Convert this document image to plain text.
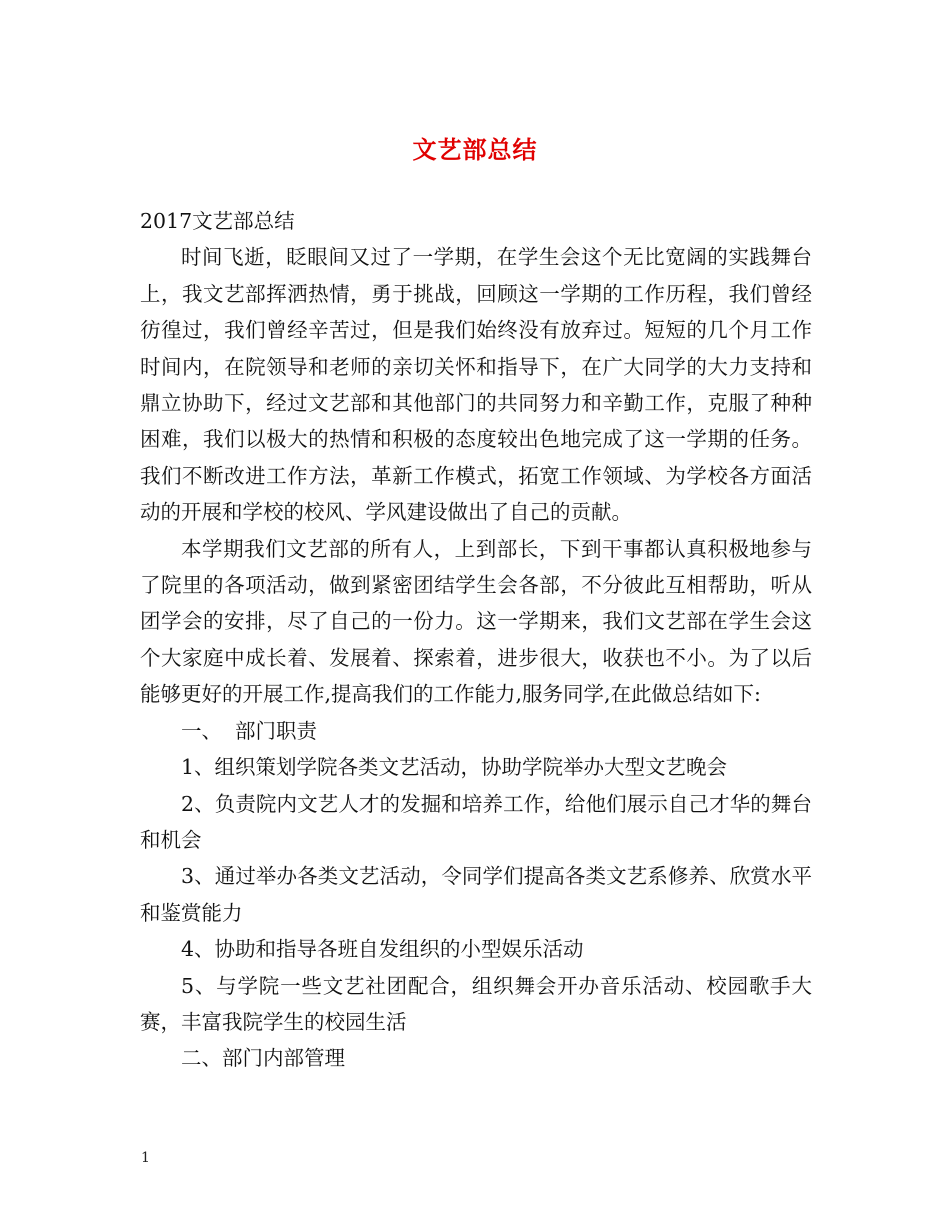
文艺部总结

2017文艺部总结

时间飞逝，眨眼间又过了一学期，在学生会这个无比宽阔的实践舞台上，我文艺部挥洒热情，勇于挑战，回顾这一学期的工作历程，我们曾经彷徨过，我们曾经辛苦过，但是我们始终没有放弃过。短短的几个月工作时间内，在院领导和老师的亲切关怀和指导下，在广大同学的大力支持和鼎立协助下，经过文艺部和其他部门的共同努力和辛勤工作，克服了种种困难，我们以极大的热情和积极的态度较出色地完成了这一学期的任务。我们不断改进工作方法，革新工作模式，拓宽工作领域、为学校各方面活动的开展和学校的校风、学风建设做出了自己的贡献。

本学期我们文艺部的所有人，上到部长，下到干事都认真积极地参与了院里的各项活动，做到紧密团结学生会各部，不分彼此互相帮助，听从团学会的安排，尽了自己的一份力。这一学期来，我们文艺部在学生会这个大家庭中成长着、发展着、探索着，进步很大，收获也不小。为了以后能够更好的开展工作,提高我们的工作能力,服务同学,在此做总结如下:

一、  部门职责

1、组织策划学院各类文艺活动，协助学院举办大型文艺晚会

2、负责院内文艺人才的发掘和培养工作，给他们展示自己才华的舞台和机会

3、通过举办各类文艺活动，令同学们提高各类文艺系修养、欣赏水平和鉴赏能力

4、协助和指导各班自发组织的小型娱乐活动

5、与学院一些文艺社团配合，组织舞会开办音乐活动、校园歌手大赛，丰富我院学生的校园生活

二、部门内部管理

1
